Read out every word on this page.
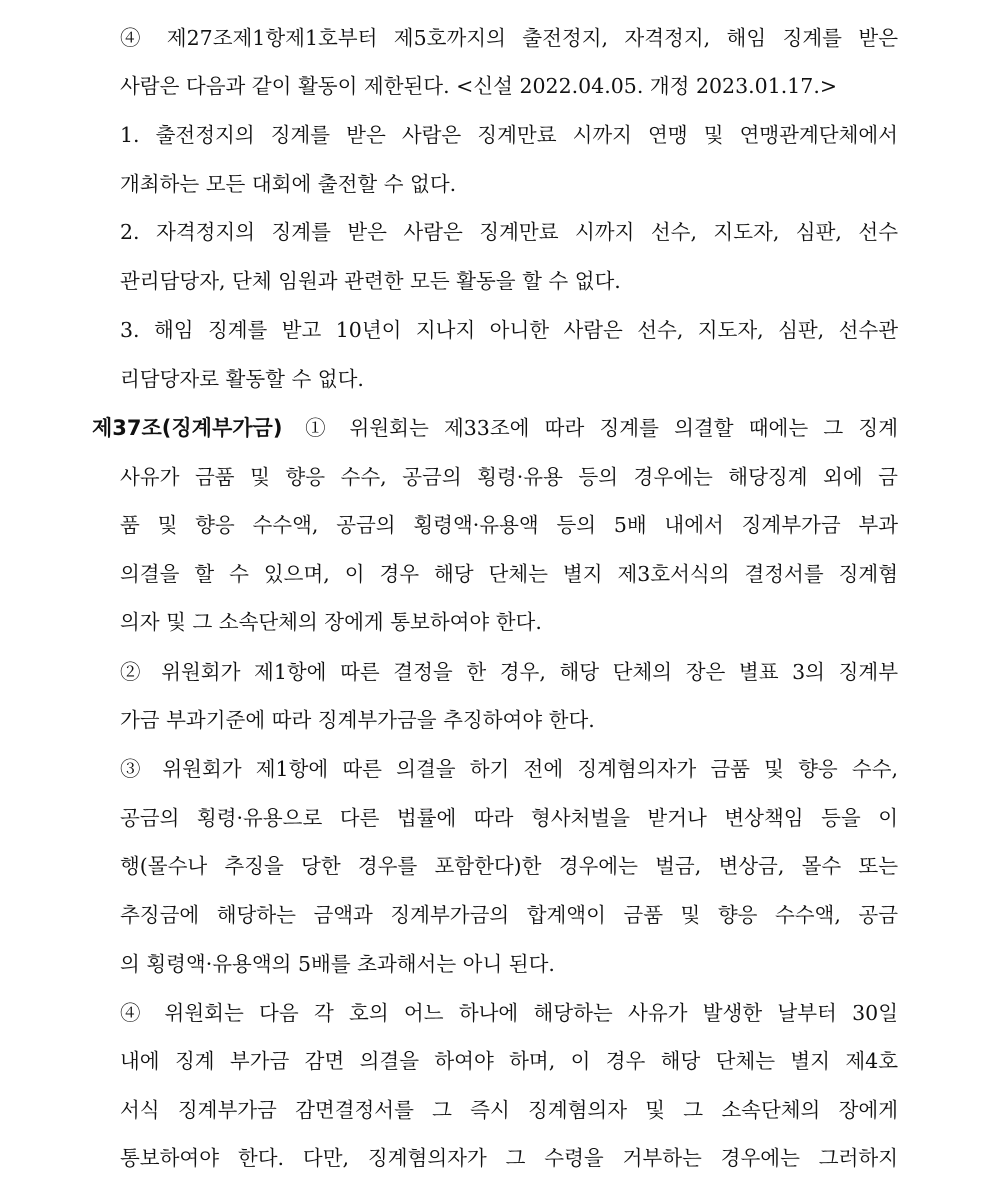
④ 제27조제1항제1호부터 제5호까지의 출전정지, 자격정지, 해임 징계를 받은
사람은 다음과 같이 활동이 제한된다. <신설 2022.04.05. 개정 2023.01.17.>
1. 출전정지의 징계를 받은 사람은 징계만료 시까지 연맹 및 연맹관계단체에서
개최하는 모든 대회에 출전할 수 없다.
2. 자격정지의 징계를 받은 사람은 징계만료 시까지 선수, 지도자, 심판, 선수
관리담당자, 단체 임원과 관련한 모든 활동을 할 수 없다.
3. 해임 징계를 받고 10년이 지나지 아니한 사람은 선수, 지도자, 심판, 선수관
리담당자로 활동할 수 없다.
제37조(징계부가금) ① 위원회는 제33조에 따라 징계를 의결할 때에는 그 징계
사유가 금품 및 향응 수수, 공금의 횡령·유용 등의 경우에는 해당징계 외에 금
품 및 향응 수수액, 공금의 횡령액·유용액 등의 5배 내에서 징계부가금 부과
의결을 할 수 있으며, 이 경우 해당 단체는 별지 제3호서식의 결정서를 징계혐
의자 및 그 소속단체의 장에게 통보하여야 한다.
② 위원회가 제1항에 따른 결정을 한 경우, 해당 단체의 장은 별표 3의 징계부
가금 부과기준에 따라 징계부가금을 추징하여야 한다.
③ 위원회가 제1항에 따른 의결을 하기 전에 징계혐의자가 금품 및 향응 수수,
공금의 횡령·유용으로 다른 법률에 따라 형사처벌을 받거나 변상책임 등을 이
행(몰수나 추징을 당한 경우를 포함한다)한 경우에는 벌금, 변상금, 몰수 또는
추징금에 해당하는 금액과 징계부가금의 합계액이 금품 및 향응 수수액, 공금
의 횡령액·유용액의 5배를 초과해서는 아니 된다.
④ 위원회는 다음 각 호의 어느 하나에 해당하는 사유가 발생한 날부터 30일
내에 징계 부가금 감면 의결을 하여야 하며, 이 경우 해당 단체는 별지 제4호
서식 징계부가금 감면결정서를 그 즉시 징계혐의자 및 그 소속단체의 장에게
통보하여야 한다. 다만, 징계혐의자가 그 수령을 거부하는 경우에는 그러하지
